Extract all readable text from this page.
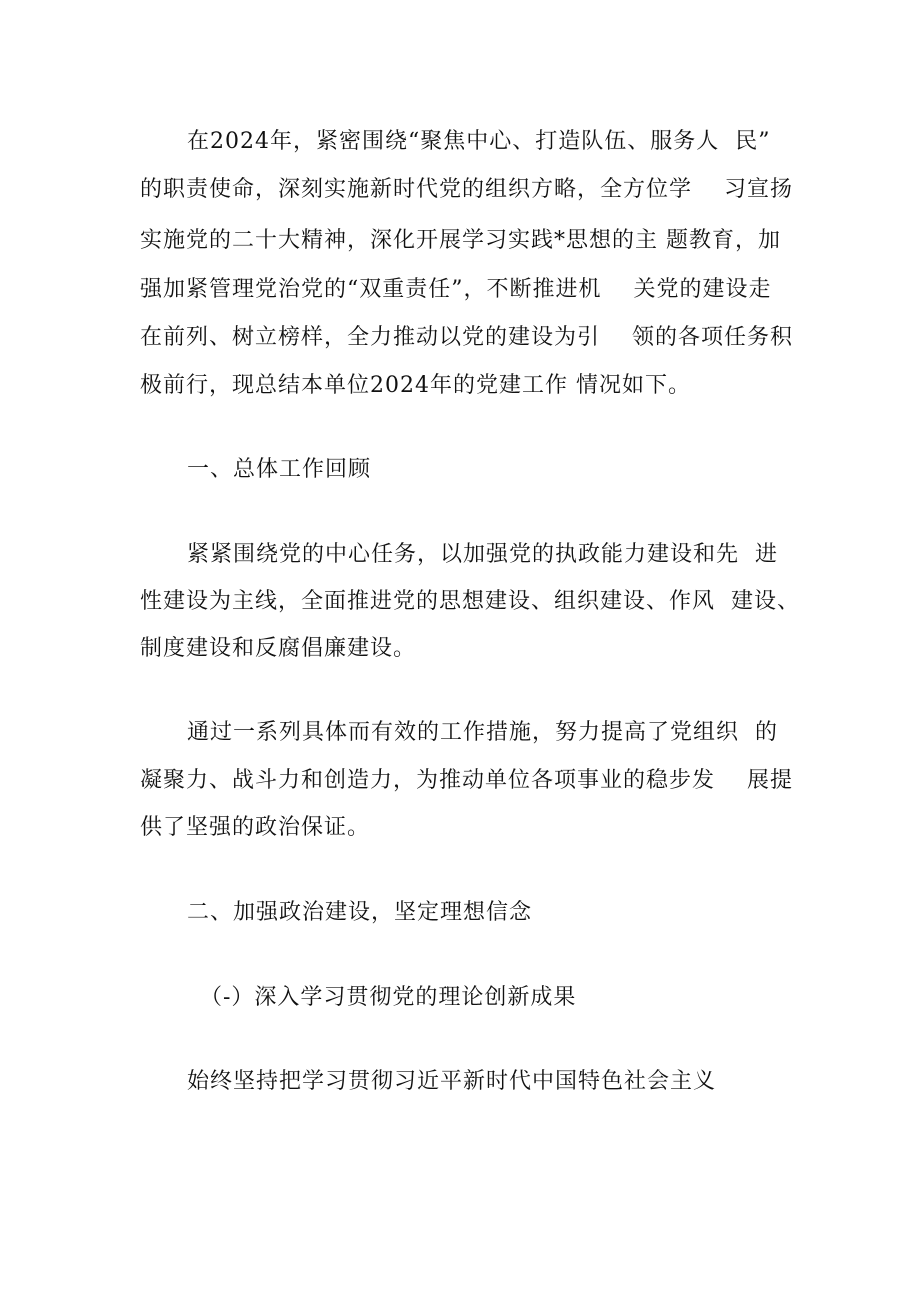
在2024年，紧密围绕“聚焦中心、打造队伍、服务人  民”
的职责使命，深刻实施新时代党的组织方略，全方位学    习宣扬
实施党的二十大精神，深化开展学习实践*思想的主 题教育，加
强加紧管理党治党的“双重责任”，不断推进机    关党的建设走
在前列、树立榜样，全力推动以党的建设为引    领的各项任务积
极前行，现总结本单位2024年的党建工作 情况如下。
一、总体工作回顾
紧紧围绕党的中心任务，以加强党的执政能力建设和先  进
性建设为主线，全面推进党的思想建设、组织建设、作风  建设、
制度建设和反腐倡廉建设。
通过一系列具体而有效的工作措施，努力提高了党组织  的
凝聚力、战斗力和创造力，为推动单位各项事业的稳步发    展提
供了坚强的政治保证。
二、加强政治建设，坚定理想信念
（-）深入学习贯彻党的理论创新成果
始终坚持把学习贯彻习近平新时代中国特色社会主义
